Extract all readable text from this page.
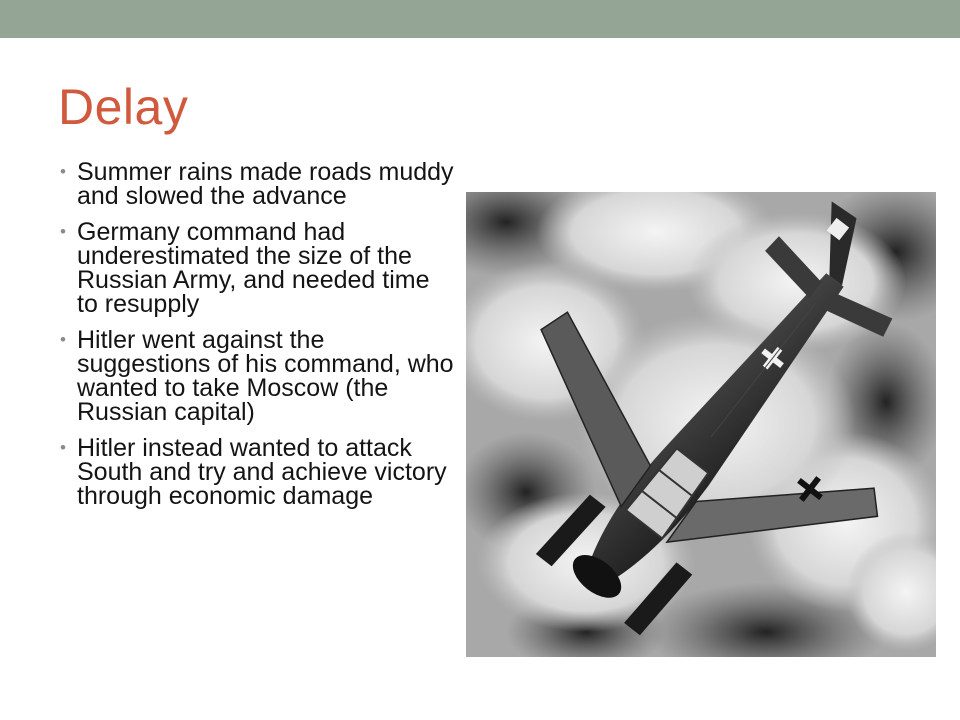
Delay
• Summer rains made roads muddy and slowed the advance
• Germany command had underestimated the size of the Russian Army, and needed time to resupply
• Hitler went against the suggestions of his command, who wanted to take Moscow (the Russian capital)
• Hitler instead wanted to attack South and try and achieve victory through economic damage
